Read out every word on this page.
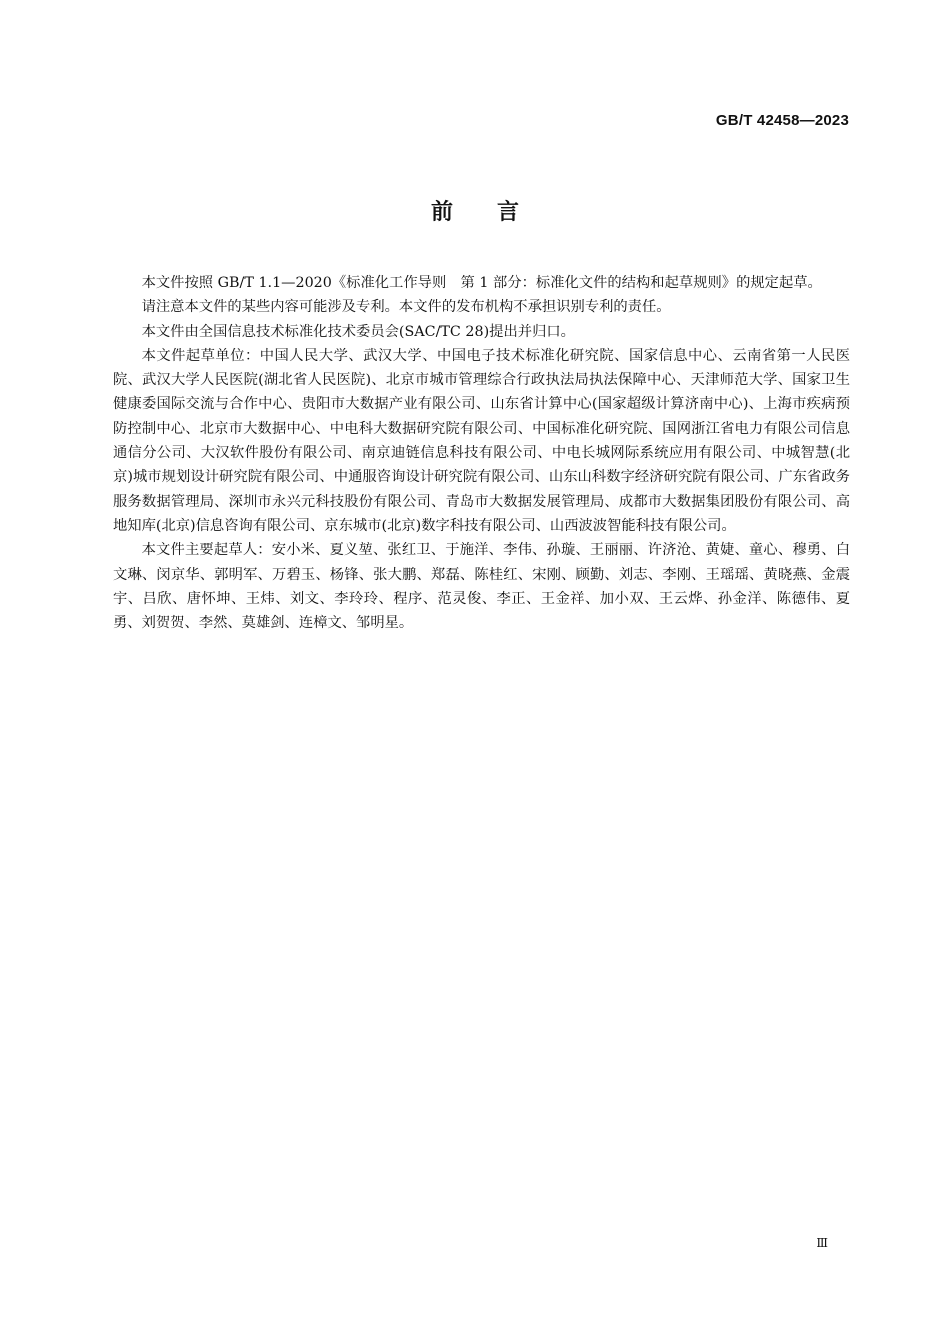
GB/T 42458—2023
前言

本文件按照 GB/T 1.1—2020《标准化工作导则　第 1 部分：标准化文件的结构和起草规则》的规定起草。

请注意本文件的某些内容可能涉及专利。本文件的发布机构不承担识别专利的责任。

本文件由全国信息技术标准化技术委员会(SAC/TC 28)提出并归口。

本文件起草单位：中国人民大学、武汉大学、中国电子技术标准化研究院、国家信息中心、云南省第一人民医院、武汉大学人民医院(湖北省人民医院)、北京市城市管理综合行政执法局执法保障中心、天津师范大学、国家卫生健康委国际交流与合作中心、贵阳市大数据产业有限公司、山东省计算中心(国家超级计算济南中心)、上海市疾病预防控制中心、北京市大数据中心、中电科大数据研究院有限公司、中国标准化研究院、国网浙江省电力有限公司信息通信分公司、大汉软件股份有限公司、南京迪链信息科技有限公司、中电长城网际系统应用有限公司、中城智慧(北京)城市规划设计研究院有限公司、中通服咨询设计研究院有限公司、山东山科数字经济研究院有限公司、广东省政务服务数据管理局、深圳市永兴元科技股份有限公司、青岛市大数据发展管理局、成都市大数据集团股份有限公司、高地知库(北京)信息咨询有限公司、京东城市(北京)数字科技有限公司、山西波波智能科技有限公司。

本文件主要起草人：安小米、夏义堃、张红卫、于施洋、李伟、孙璇、王丽丽、许济沧、黄婕、童心、穆勇、白文琳、闵京华、郭明军、万碧玉、杨锋、张大鹏、郑磊、陈桂红、宋刚、顾勤、刘志、李刚、王瑶瑶、黄晓燕、金震宇、吕欣、唐怀坤、王炜、刘文、李玲玲、程序、范灵俊、李正、王金祥、加小双、王云烨、孙金洋、陈德伟、夏勇、刘贺贺、李然、莫雄剑、连樟文、邹明星。

Ⅲ
